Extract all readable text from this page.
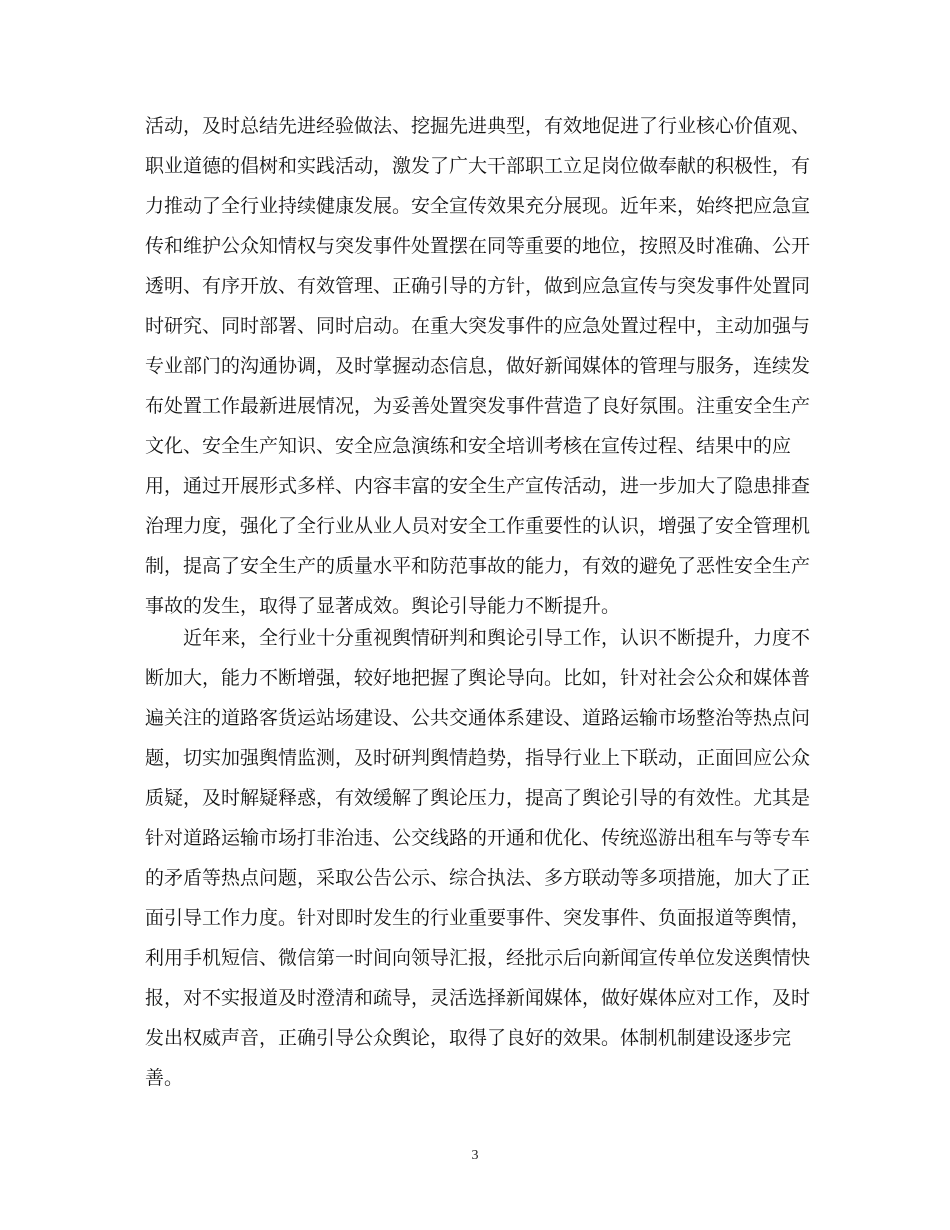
活动，及时总结先进经验做法、挖掘先进典型，有效地促进了行业核心价值观、
职业道德的倡树和实践活动，激发了广大干部职工立足岗位做奉献的积极性，有
力推动了全行业持续健康发展。安全宣传效果充分展现。近年来，始终把应急宣
传和维护公众知情权与突发事件处置摆在同等重要的地位，按照及时准确、公开
透明、有序开放、有效管理、正确引导的方针，做到应急宣传与突发事件处置同
时研究、同时部署、同时启动。在重大突发事件的应急处置过程中，主动加强与
专业部门的沟通协调，及时掌握动态信息，做好新闻媒体的管理与服务，连续发
布处置工作最新进展情况，为妥善处置突发事件营造了良好氛围。注重安全生产
文化、安全生产知识、安全应急演练和安全培训考核在宣传过程、结果中的应
用，通过开展形式多样、内容丰富的安全生产宣传活动，进一步加大了隐患排查
治理力度，强化了全行业从业人员对安全工作重要性的认识，增强了安全管理机
制，提高了安全生产的质量水平和防范事故的能力，有效的避免了恶性安全生产
事故的发生，取得了显著成效。舆论引导能力不断提升。
近年来，全行业十分重视舆情研判和舆论引导工作，认识不断提升，力度不
断加大，能力不断增强，较好地把握了舆论导向。比如，针对社会公众和媒体普
遍关注的道路客货运站场建设、公共交通体系建设、道路运输市场整治等热点问
题，切实加强舆情监测，及时研判舆情趋势，指导行业上下联动，正面回应公众
质疑，及时解疑释惑，有效缓解了舆论压力，提高了舆论引导的有效性。尤其是
针对道路运输市场打非治违、公交线路的开通和优化、传统巡游出租车与等专车
的矛盾等热点问题，采取公告公示、综合执法、多方联动等多项措施，加大了正
面引导工作力度。针对即时发生的行业重要事件、突发事件、负面报道等舆情，
利用手机短信、微信第一时间向领导汇报，经批示后向新闻宣传单位发送舆情快
报，对不实报道及时澄清和疏导，灵活选择新闻媒体，做好媒体应对工作，及时
发出权威声音，正确引导公众舆论，取得了良好的效果。体制机制建设逐步完
善。
3
